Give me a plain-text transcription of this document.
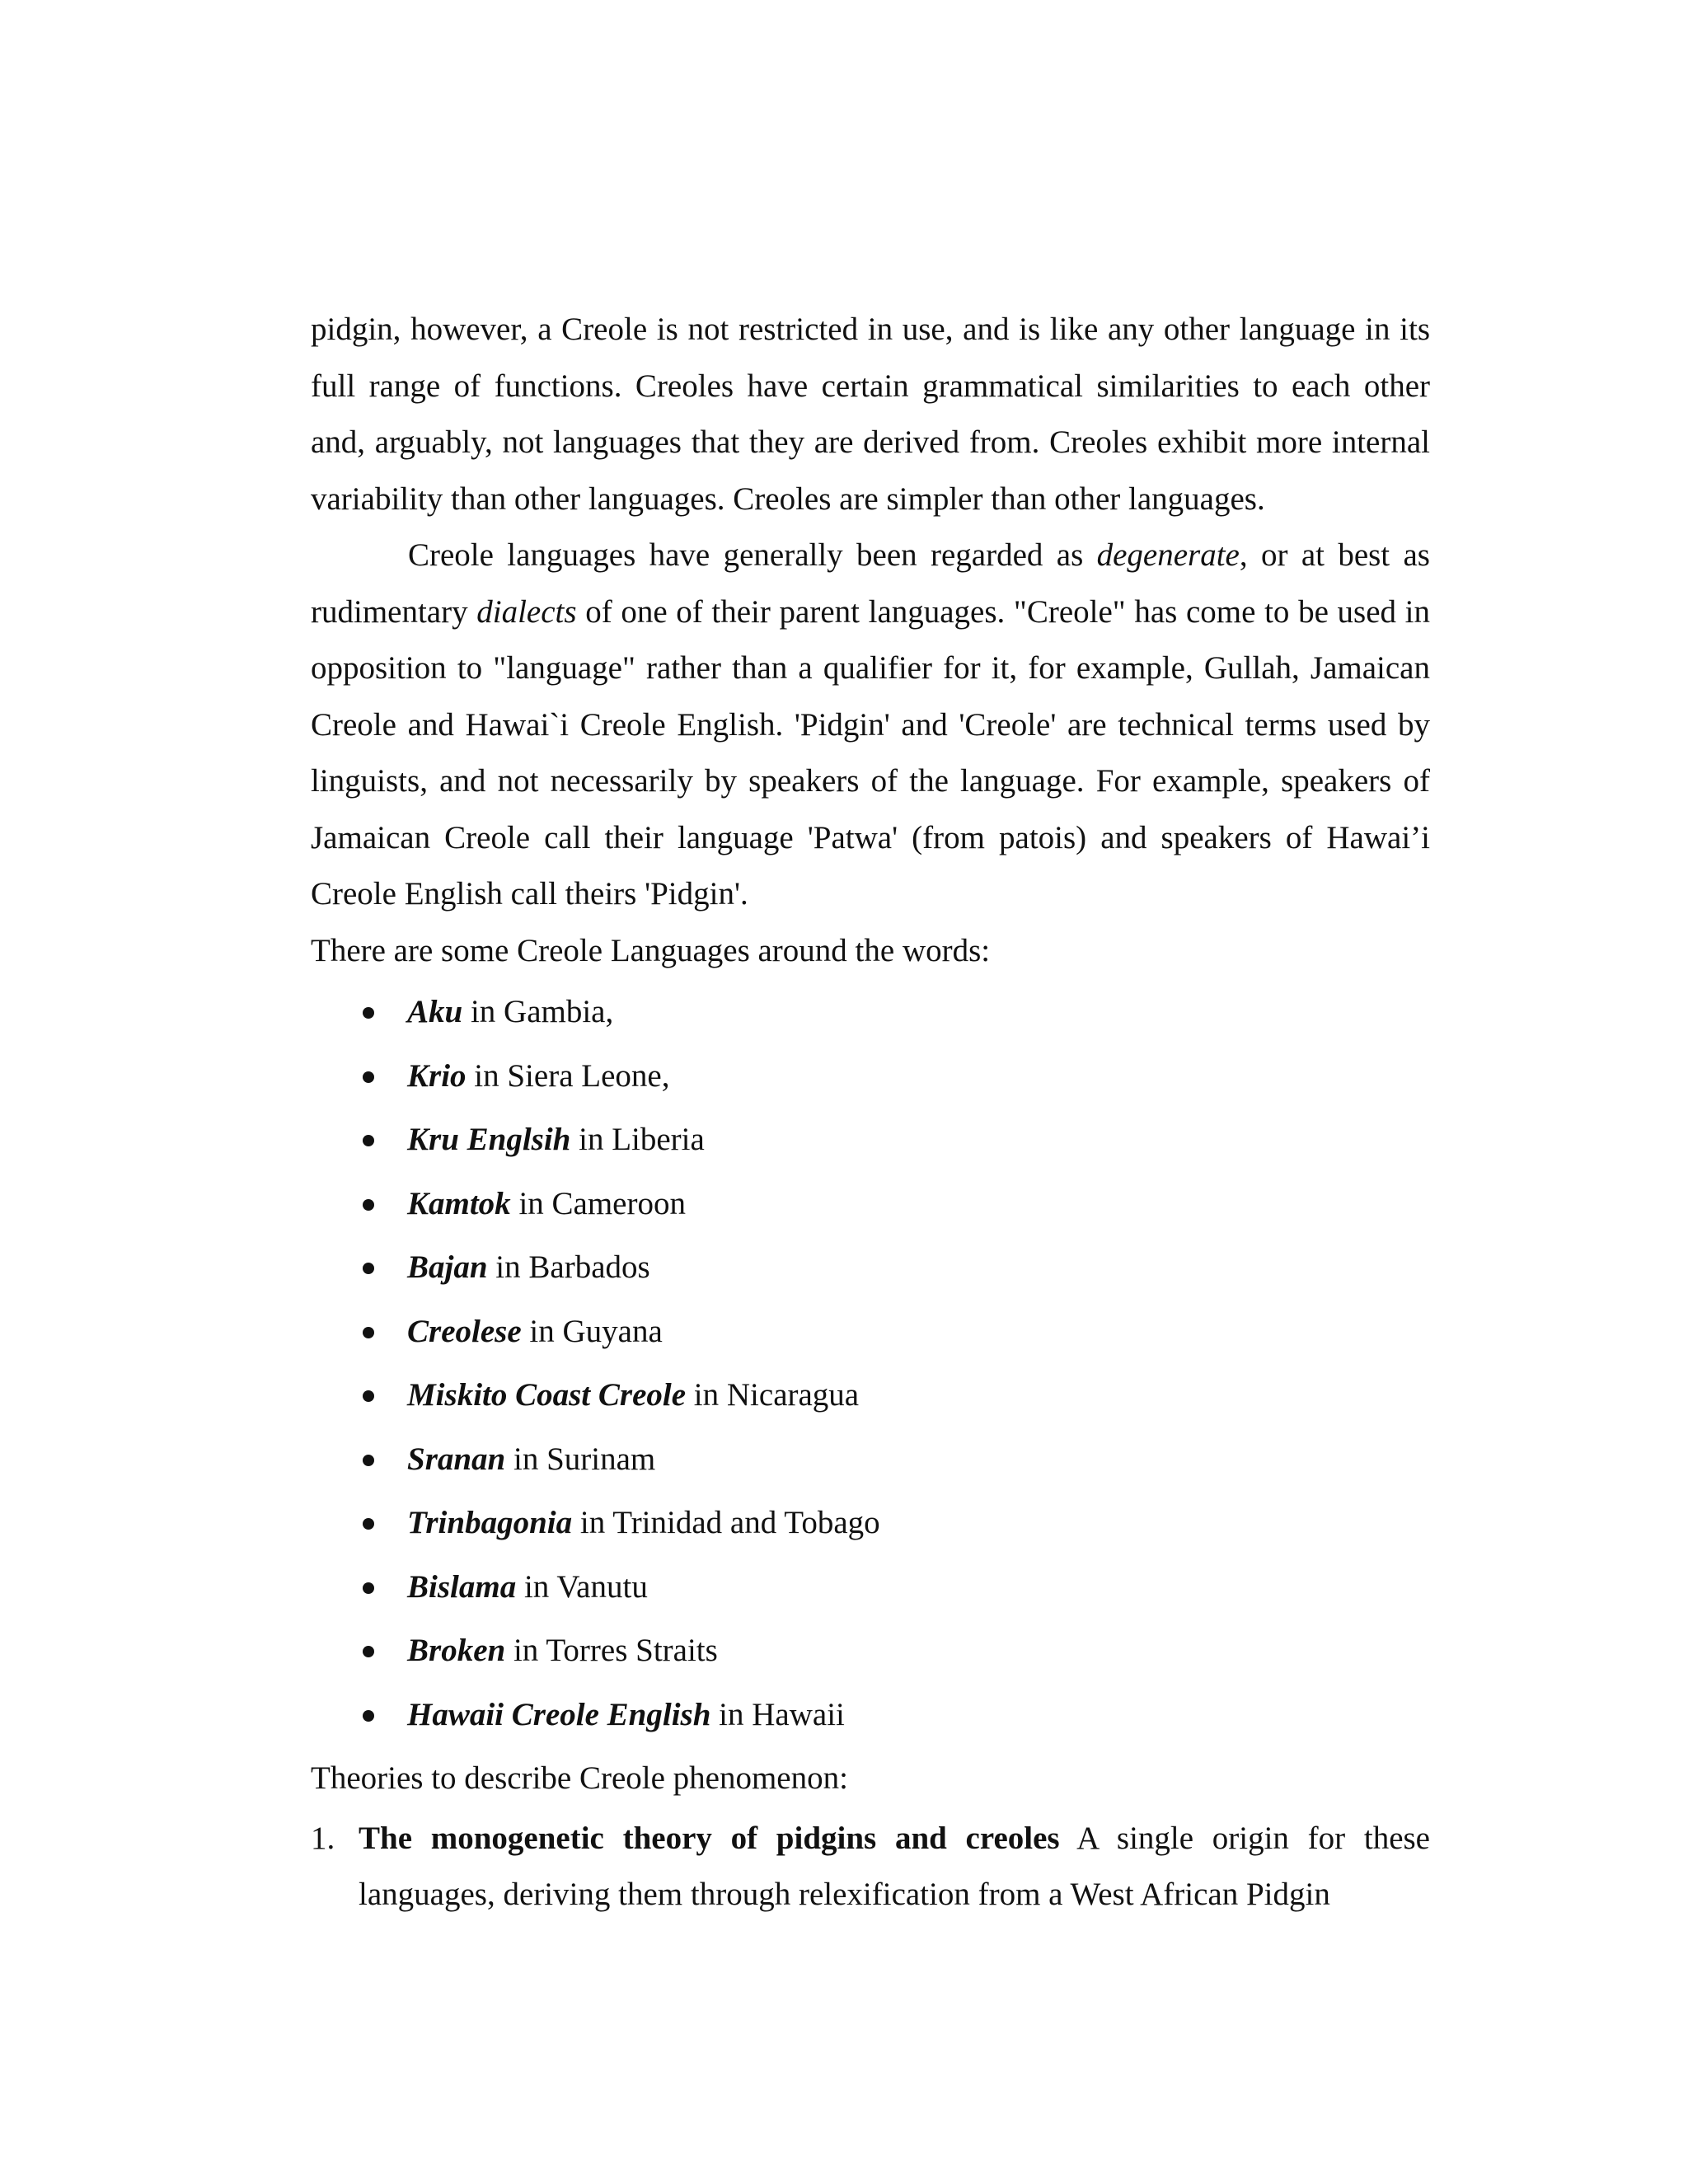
pidgin, however, a Creole is not restricted in use, and is like any other language in its full range of functions. Creoles have certain grammatical similarities to each other and, arguably, not languages that they are derived from. Creoles exhibit more internal variability than other languages. Creoles are simpler than other languages.

Creole languages have generally been regarded as degenerate, or at best as rudimentary dialects of one of their parent languages. "Creole" has come to be used in opposition to "language" rather than a qualifier for it, for example, Gullah, Jamaican Creole and Hawai`i Creole English. 'Pidgin' and 'Creole' are technical terms used by linguists, and not necessarily by speakers of the language. For example, speakers of Jamaican Creole call their language 'Patwa' (from patois) and speakers of Hawai’i Creole English call theirs 'Pidgin'.

There are some Creole Languages around the words:

Aku in Gambia,
Krio in Siera Leone,
Kru Englsih in Liberia
Kamtok in Cameroon
Bajan in Barbados
Creolese in Guyana
Miskito Coast Creole in Nicaragua
Sranan in Surinam
Trinbagonia in Trinidad and Tobago
Bislama in Vanutu
Broken in Torres Straits
Hawaii Creole English in Hawaii

Theories to describe Creole phenomenon:

1. The monogenetic theory of pidgins and creoles A single origin for these languages, deriving them through relexification from a West African Pidgin
